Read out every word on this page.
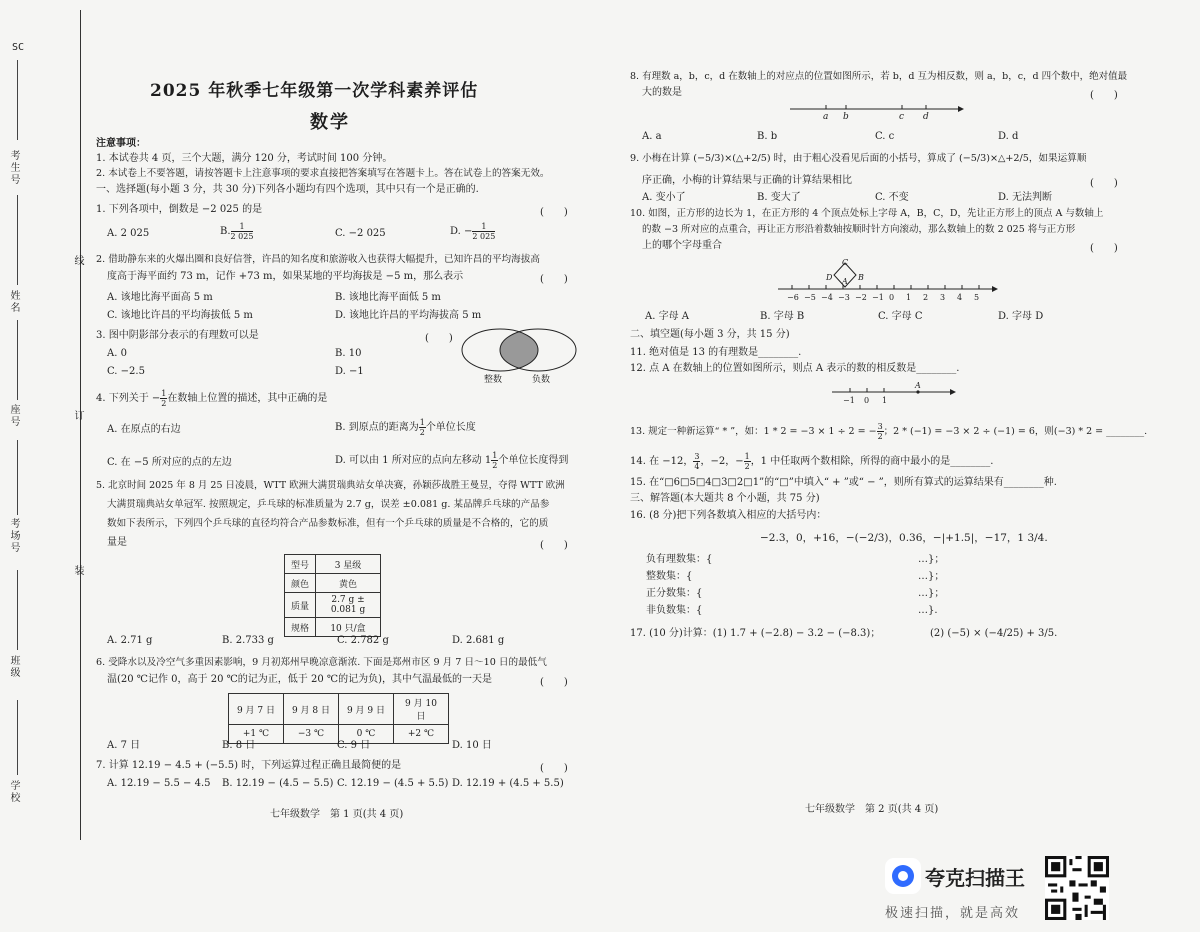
SC
考生号
姓名
座号
考场号
班级
学校
线
订
装
2025 年秋季七年级第一次学科素养评估
数学
注意事项：
1. 本试卷共 4 页，三个大题，满分 120 分，考试时间 100 分钟。
2. 本试卷上不要答题，请按答题卡上注意事项的要求直接把答案填写在答题卡上。答在试卷上的答案无效。
一、选择题(每小题 3 分，共 30 分)下列各小题均有四个选项，其中只有一个是正确的.
1. 下列各项中，倒数是 −2 025 的是	(　　)
A. 2 025	B. $\frac{1}{2 025}$	C. −2 025	D. − $\frac{1}{2 025}$
2. 借助静东来的火爆出圈和良好信誉，许昌的知名度和旅游收入也获得大幅提升，已知许昌的平均海拔高
度高于海平面约 73 m，记作 +73 m，如果某地的平均海拔是 −5 m，那么表示	(　　)
A. 该地比海平面高 5 m	B. 该地比海平面低 5 m
C. 该地比许昌的平均海拔低 5 m	D. 该地比许昌的平均海拔高 5 m
3. 图中阴影部分表示的有理数可以是	(　　)
A. 0	B. 10
C. −2.5	D. −1
整数	负数
4. 下列关于 − $\frac{1}{2}$ 在数轴上位置的描述，其中正确的是
A. 在原点的右边	B. 到原点的距离为 $\frac{1}{2}$ 个单位长度
C. 在 −5 所对应的点的左边	D. 可以由 1 所对应的点向左移动 $1 \frac{1}{2}$ 个单位长度得到
5. 北京时间 2025 年 8 月 25 日凌晨，WTT 欧洲大满贯瑞典站女单决赛，孙颖莎战胜王曼昱，夺得 WTT 欧洲
大满贯瑞典站女单冠军. 按照规定，乒乓球的标准质量为 2.7 g，误差 ±0.081 g. 某品牌乒乓球的产品参
数如下表所示，下列四个乒乓球的直径均符合产品参数标准，但有一个乒乓球的质量是不合格的，它的质
量是	(　　)
型号	3 星级
颜色	黄色
质量	2.7 g ± 0.081 g
规格	10 只/盒
A. 2.71 g	B. 2.733 g	C. 2.782 g	D. 2.681 g
6. 受降水以及冷空气多重因素影响，9 月初郑州早晚凉意渐浓. 下面是郑州市区 9 月 7 日～10 日的最低气
温(20 ℃记作 0，高于 20 ℃的记为正，低于 20 ℃的记为负)，其中气温最低的一天是	(　　)
9 月 7 日	9 月 8 日	9 月 9 日	9 月 10 日
+1 ℃	−3 ℃	0 ℃	+2 ℃
A. 7 日	B. 8 日	C. 9 日	D. 10 日
7. 计算 12.19 − 4.5 + (−5.5) 时，下列运算过程正确且最简便的是	(　　)
A. 12.19 − 5.5 − 4.5 B. 12.19 − (4.5 − 5.5) C. 12.19 − (4.5 + 5.5) D. 12.19 + (4.5 + 5.5)
七年级数学　第 1 页(共 4 页)
8. 有理数 a，b，c，d 在数轴上的对应点的位置如图所示，若 b，d 互为相反数，则 a，b，c，d 四个数中，绝对值最
大的数是	(　　)
a b	c d
A. a	B. b	C. c	D. d
9. 小梅在计算 (−5/3)×(△+2/5) 时，由于粗心没看见后面的小括号，算成了 (−5/3)×△+2/5，如果运算顺
序正确，小梅的计算结果与正确的计算结果相比	(　　)
A. 变小了	B. 变大了	C. 不变	D. 无法判断
10. 如图，正方形的边长为 1，在正方形的 4 个顶点处标上字母 A，B，C，D，先让正方形上的顶点 A 与数轴上
的数 −3 所对应的点重合，再让正方形沿着数轴按顺时针方向滚动，那么数轴上的数 2 025 将与正方形
上的哪个字母重合	(　　)
−6 −5 −4 −3 −2 −1 0 1 2 3 4 5
C
D A B
A. 字母 A	B. 字母 B	C. 字母 C	D. 字母 D
二、填空题(每小题 3 分，共 15 分)
11. 绝对值是 13 的有理数是________.
12. 点 A 在数轴上的位置如图所示，则点 A 表示的数的相反数是________.
−1 0 1
A
13. 规定一种新运算“ * ”，如：1 * 2 = −3 × 1 ÷ 2 = − $\frac{3}{2}$ ；2 * (−1) = −3 × 2 ÷ (−1) = 6，则(−3) * 2 = ________.
14. 在 −12， $\frac{3}{4}$ ，−2，− $\frac{1}{2}$ ，1 中任取两个数相除，所得的商中最小的是________.
15. 在“□6□5□4□3□2□1”的“□”中填入“ + ”或“ − ”，则所有算式的运算结果有________种.
三、解答题(本大题共 8 个小题，共 75 分)
16. (8 分)把下列各数填入相应的大括号内：
−2.3，0，+16，−(−2/3)，0.36，−|+1.5|，−17，1 3/4.
负有理数集：{	…}；
整数集：{	…}；
正分数集：{	…}；
非负数集：{	…}.
17. (10 分)计算：(1) 1.7 + (−2.8) − 3.2 − (−8.3)；	(2) (−5) × (−4/25) + 3/5.
七年级数学　第 2 页(共 4 页)
夸克扫描王
极速扫描，就是高效
